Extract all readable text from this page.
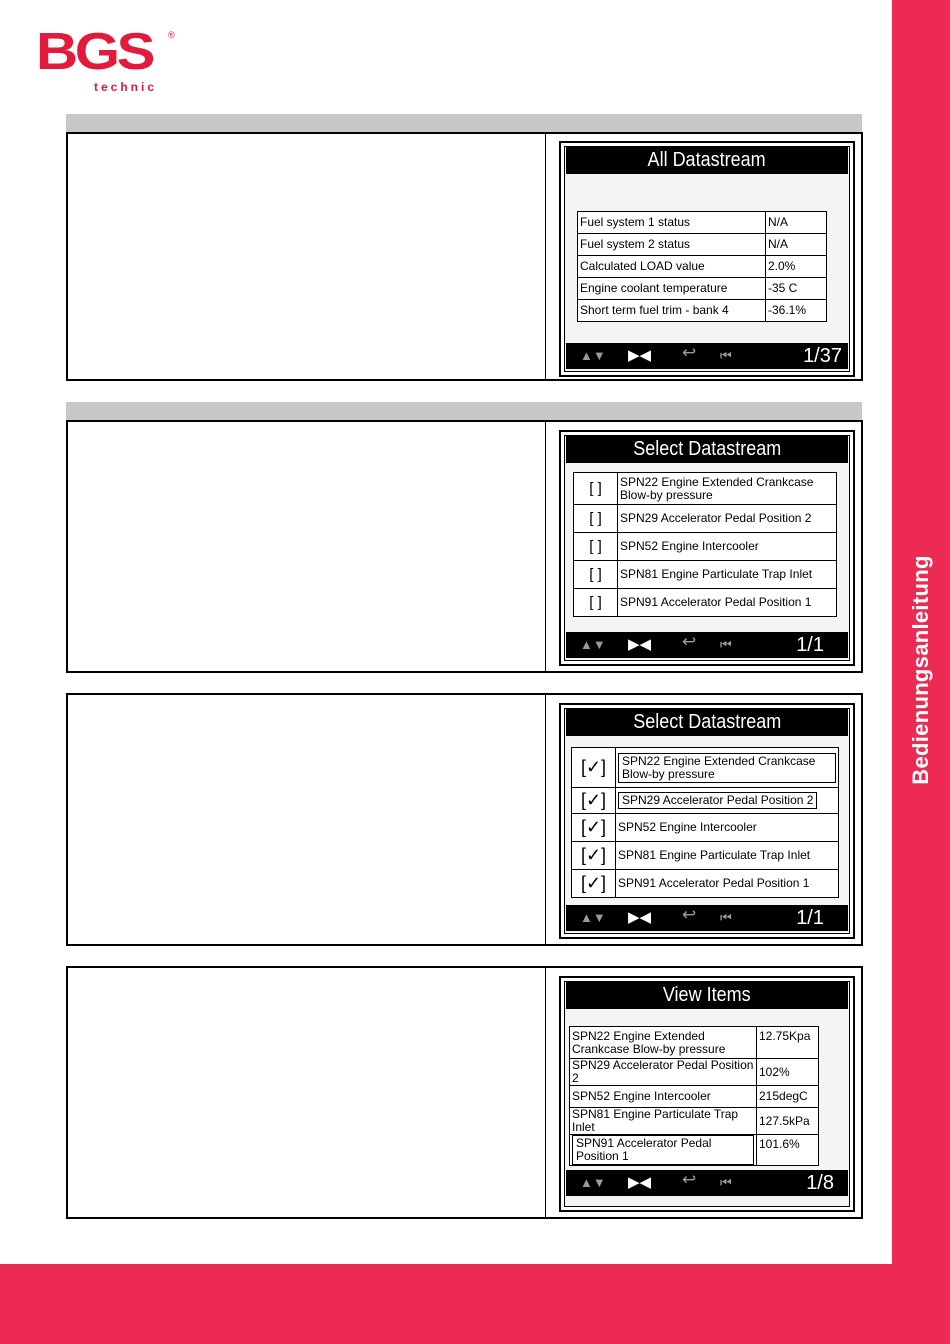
BGS ®
technic
Bedienungsanleitung
All Datastream
Fuel system 1 status	N/A
Fuel system 2 status	N/A
Calculated LOAD value	2.0%
Engine coolant temperature	-35 C
Short term fuel trim - bank 4	-36.1%
▲▼ ▶◀ ↩ ⏮	1/37
Select Datastream
[ ]	SPN22 Engine Extended Crankcase Blow-by pressure
[ ]	SPN29 Accelerator Pedal Position 2
[ ]	SPN52 Engine Intercooler
[ ]	SPN81 Engine Particulate Trap Inlet
[ ]	SPN91 Accelerator Pedal Position 1
▲▼ ▶◀ ↩ ⏮	1/1
Select Datastream
[✓]	SPN22 Engine Extended Crankcase Blow-by pressure
[✓]	SPN29 Accelerator Pedal Position 2
[✓]	SPN52 Engine Intercooler
[✓]	SPN81 Engine Particulate Trap Inlet
[✓]	SPN91 Accelerator Pedal Position 1
▲▼ ▶◀ ↩ ⏮	1/1
View Items
SPN22 Engine Extended Crankcase Blow-by pressure	12.75Kpa
SPN29 Accelerator Pedal Position 2	102%
SPN52 Engine Intercooler	215degC
SPN81 Engine Particulate Trap Inlet	127.5kPa
SPN91 Accelerator Pedal Position 1	101.6%
▲▼ ▶◀ ↩ ⏮	1/8
